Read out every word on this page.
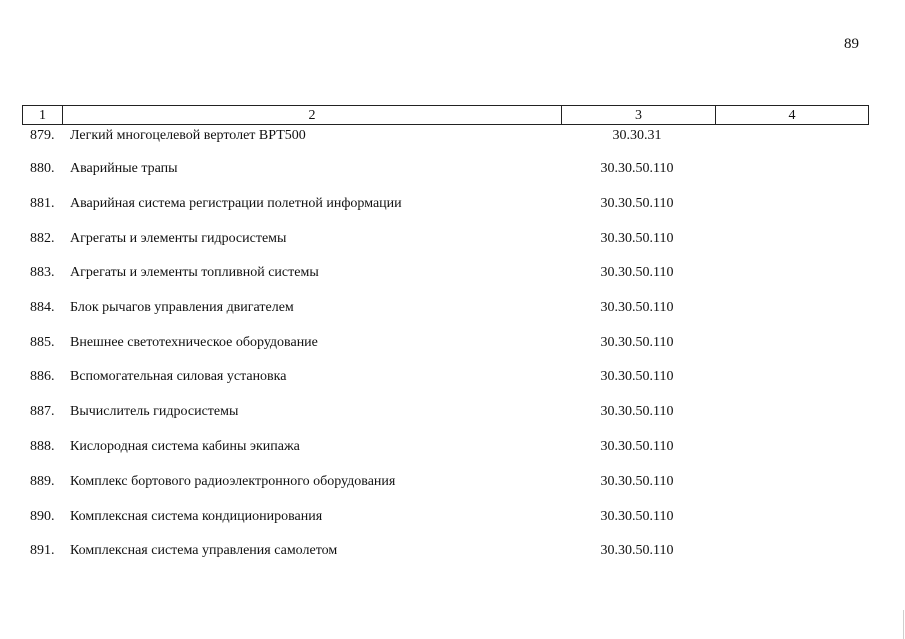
89
1	2	3	4
879.	Легкий многоцелевой вертолет ВРТ500	30.30.31
880.	Аварийные трапы	30.30.50.110
881.	Аварийная система регистрации полетной информации	30.30.50.110
882.	Агрегаты и элементы гидросистемы	30.30.50.110
883.	Агрегаты и элементы топливной системы	30.30.50.110
884.	Блок рычагов управления двигателем	30.30.50.110
885.	Внешнее светотехническое оборудование	30.30.50.110
886.	Вспомогательная силовая установка	30.30.50.110
887.	Вычислитель гидросистемы	30.30.50.110
888.	Кислородная система кабины экипажа	30.30.50.110
889.	Комплекс бортового радиоэлектронного оборудования	30.30.50.110
890.	Комплексная система кондиционирования	30.30.50.110
891.	Комплексная система управления самолетом	30.30.50.110
